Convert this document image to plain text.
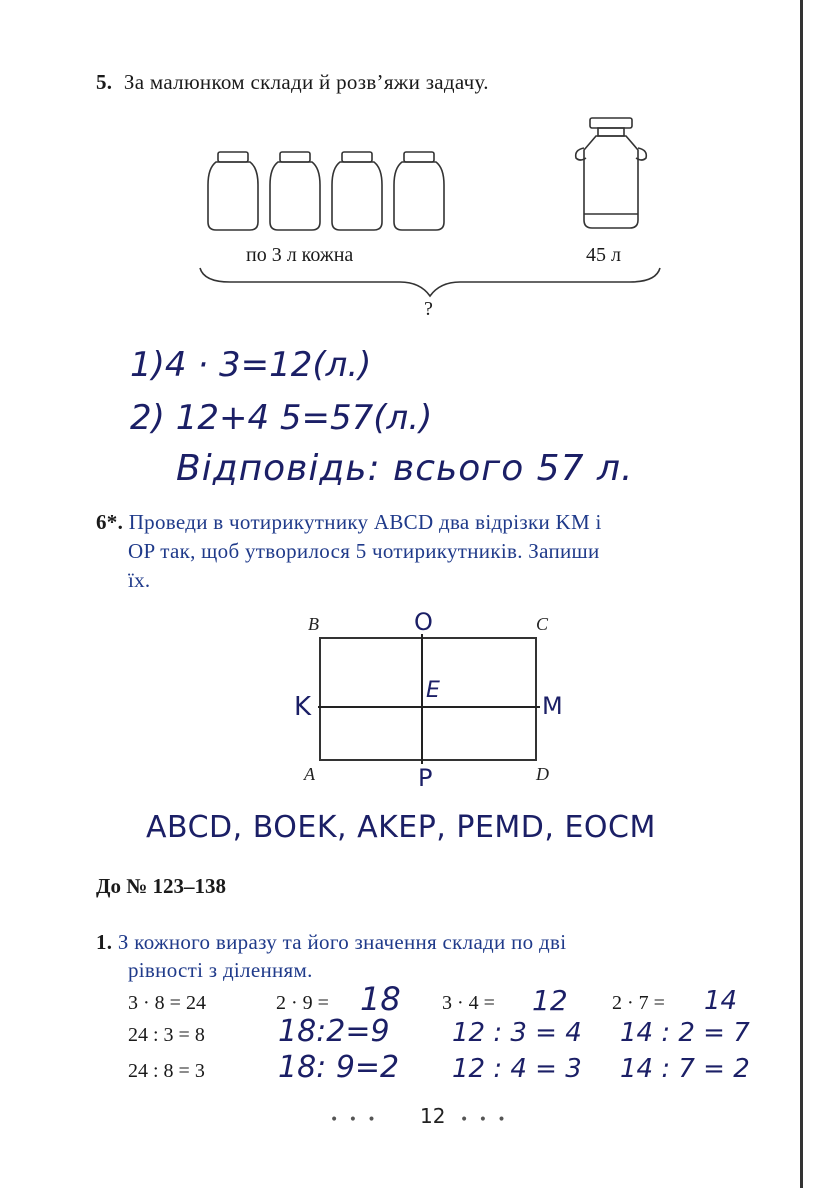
5. За малюнком склади й розв’яжи задачу.
по 3 л кожна	45 л
?
1)4 · 3=12(л.)
2) 12+4 5=57(л.)
Відповідь: всього 57 л.
6*. Проведи в чотирикутнику ABCD два відрізки KM і
OP так, щоб утворилося 5 чотирикутників. Запиши
їх.
B	C
A	D
O
K
E
M
P
ABCD, BOEK, AKEP, PEMD, EOCM
До № 123–138
1. З кожного виразу та його значення склади по дві
рівності з діленням.
3 · 8 = 24	2 · 9 = 18 3 · 4 = 12 2 · 7 = 14
24 : 3 = 8 18:2=9 12 : 3 = 4 14 : 2 = 7
24 : 8 = 3 18: 9=2 12 : 4 = 3 14 : 7 = 2
• • • 12 • • •
